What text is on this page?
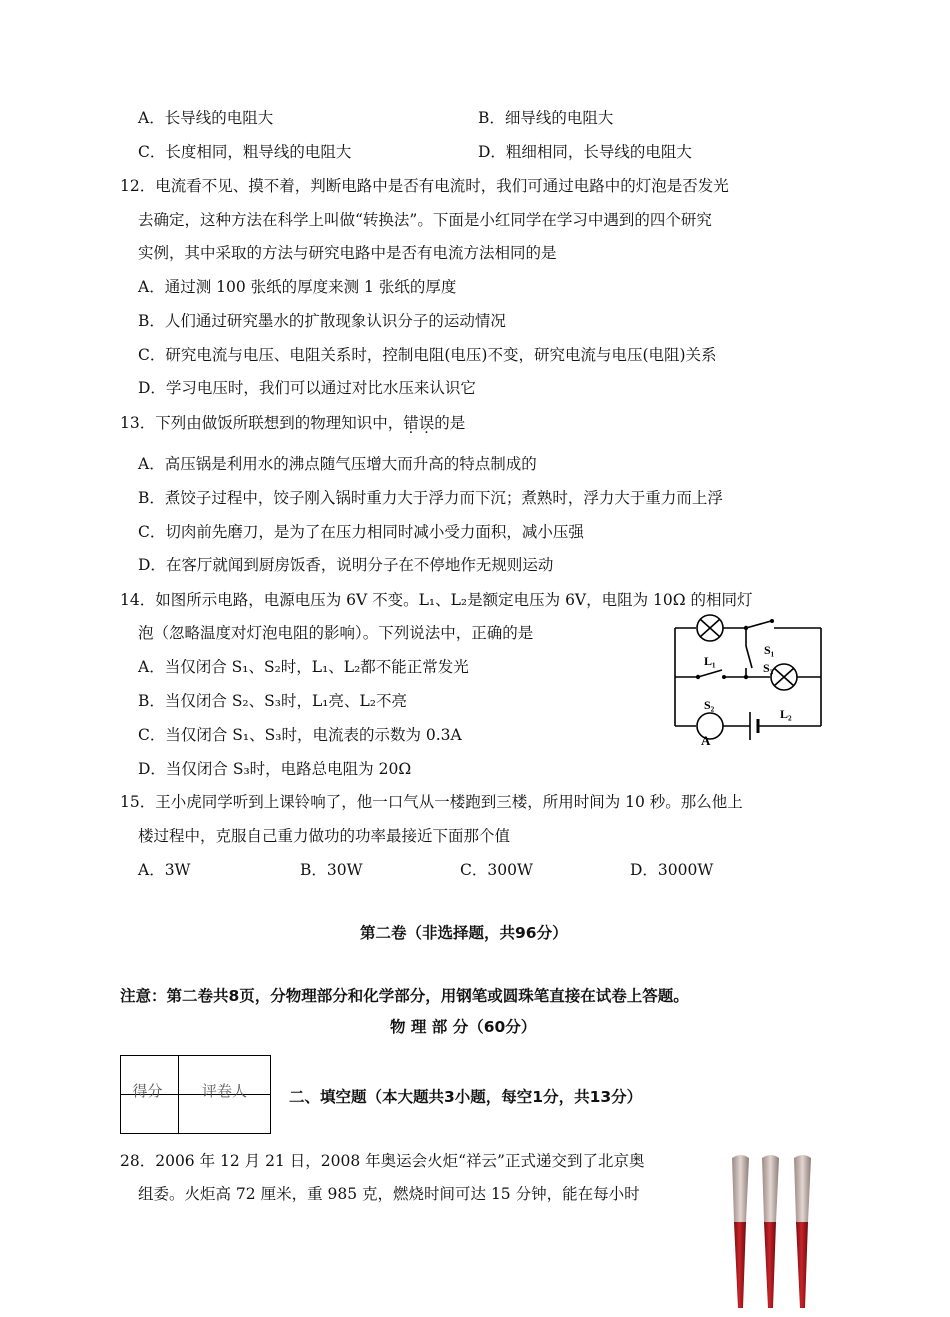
A．长导线的电阻大	B．细导线的电阻大
C．长度相同，粗导线的电阻大	D．粗细相同，长导线的电阻大
12．电流看不见、摸不着，判断电路中是否有电流时，我们可通过电路中的灯泡是否发光
去确定，这种方法在科学上叫做“转换法”。下面是小红同学在学习中遇到的四个研究
实例，其中采取的方法与研究电路中是否有电流方法相同的是
A．通过测 100 张纸的厚度来测 1 张纸的厚度
B．人们通过研究墨水的扩散现象认识分子的运动情况
C．研究电流与电压、电阻关系时，控制电阻(电压)不变，研究电流与电压(电阻)关系
D．学习电压时，我们可以通过对比水压来认识它
13．下列由做饭所联想到的物理知识中，错误的是
A．高压锅是利用水的沸点随气压增大而升高的特点制成的
B．煮饺子过程中，饺子刚入锅时重力大于浮力而下沉；煮熟时，浮力大于重力而上浮
C．切肉前先磨刀，是为了在压力相同时减小受力面积，减小压强
D．在客厅就闻到厨房饭香，说明分子在不停地作无规则运动
14．如图所示电路，电源电压为 6V 不变。L₁、L₂是额定电压为 6V，电阻为 10Ω 的相同灯
泡（忽略温度对灯泡电阻的影响）。下列说法中，正确的是
A．当仅闭合 S₁、S₂时，L₁、L₂都不能正常发光
B．当仅闭合 S₂、S₃时，L₁亮、L₂不亮
C．当仅闭合 S₁、S₃时，电流表的示数为 0.3A
D．当仅闭合 S₃时，电路总电阻为 20Ω
L₁
S₁
S₂
S₃
L₂
A
15．王小虎同学听到上课铃响了，他一口气从一楼跑到三楼，所用时间为 10 秒。那么他上
楼过程中，克服自己重力做功的功率最接近下面那个值
A．3W	B．30W	C．300W	D．3000W
第二卷（非选择题，共96分）
注意：第二卷共8页，分物理部分和化学部分，用钢笔或圆珠笔直接在试卷上答题。
物 理 部 分（60分）
得分	评卷人
		二、填空题（本大题共3小题，每空1分，共13分）
28．2006 年 12 月 21 日，2008 年奥运会火炬“祥云”正式递交到了北京奥
组委。火炬高 72 厘米，重 985 克，燃烧时间可达 15 分钟，能在每小时
